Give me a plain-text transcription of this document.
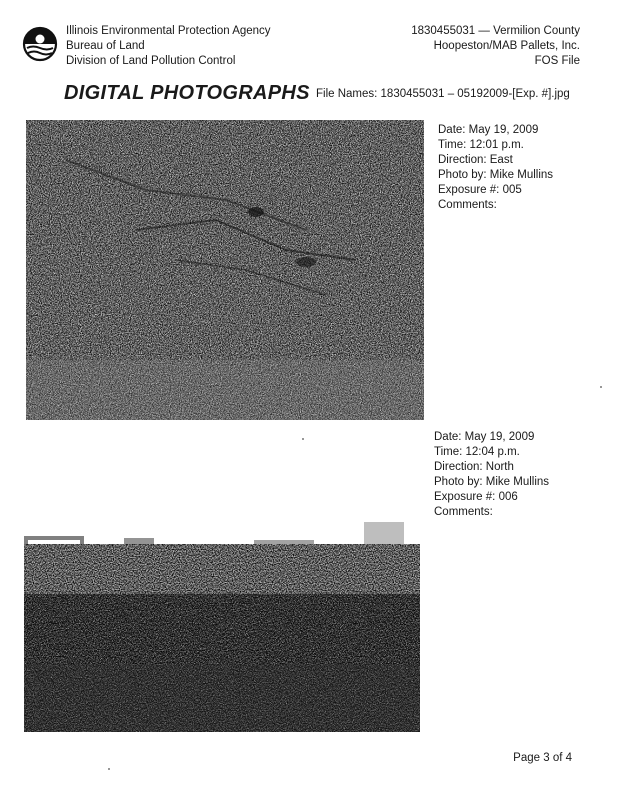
Illinois Environmental Protection Agency
Bureau of Land
Division of Land Pollution Control
1830455031 — Vermilion County
Hoopeston/MAB Pallets, Inc.
FOS File
DIGITAL PHOTOGRAPHS File Names: 1830455031 – 05192009-[Exp. #].jpg
Date: May 19, 2009
Time: 12:01 p.m.
Direction: East
Photo by: Mike Mullins
Exposure #: 005
Comments:
Date: May 19, 2009
Time: 12:04 p.m.
Direction: North
Photo by: Mike Mullins
Exposure #: 006
Comments:
Page 3 of 4
